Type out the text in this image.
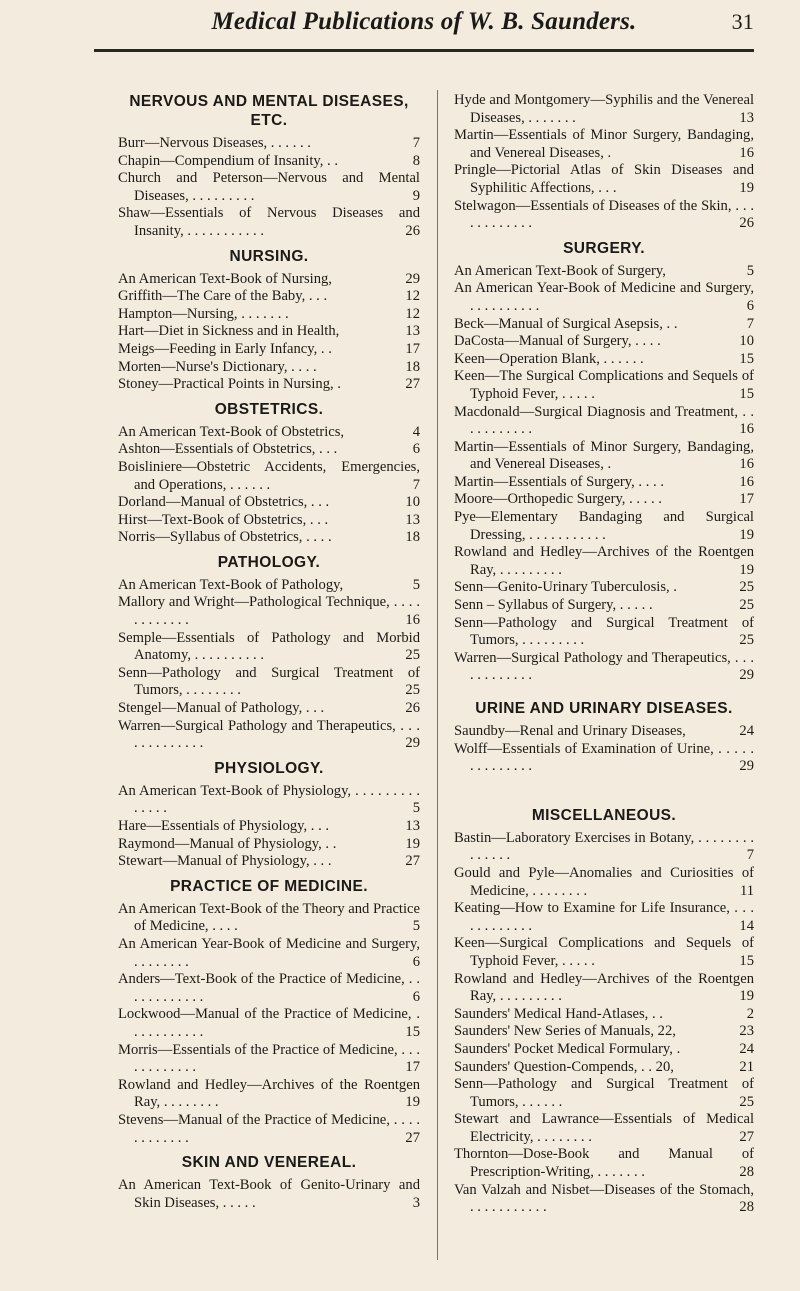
Medical Publications of W. B. Saunders.	31
NERVOUS AND MENTAL DISEASES, ETC.
Burr—Nervous Diseases, . . . . . .	7
Chapin—Compendium of Insanity, . .	8
Church and Peterson—Nervous and Mental Diseases, . . . . . . . . .	9
Shaw—Essentials of Nervous Diseases and Insanity, . . . . . . . . . . .	26
NURSING.
An American Text-Book of Nursing,	29
Griffith—The Care of the Baby, . . .	12
Hampton—Nursing, . . . . . . .	12
Hart—Diet in Sickness and in Health,	13
Meigs—Feeding in Early Infancy, . .	17
Morten—Nurse's Dictionary, . . . .	18
Stoney—Practical Points in Nursing, .	27
OBSTETRICS.
An American Text-Book of Obstetrics,	4
Ashton—Essentials of Obstetrics, . . .	6
Boisliniere—Obstetric Accidents, Emergencies, and Operations, . . . . . .	7
Dorland—Manual of Obstetrics, . . .	10
Hirst—Text-Book of Obstetrics, . . .	13
Norris—Syllabus of Obstetrics, . . . .	18
PATHOLOGY.
An American Text-Book of Pathology,	5
Mallory and Wright—Pathological Technique, . . . . . . . . . . . .	16
Semple—Essentials of Pathology and Morbid Anatomy, . . . . . . . . . .	25
Senn—Pathology and Surgical Treatment of Tumors, . . . . . . . .	25
Stengel—Manual of Pathology, . . .	26
Warren—Surgical Pathology and Therapeutics, . . . . . . . . . . . . .	29
PHYSIOLOGY.
An American Text-Book of Physiology, . . . . . . . . . . . . . .	5
Hare—Essentials of Physiology, . . .	13
Raymond—Manual of Physiology, . .	19
Stewart—Manual of Physiology, . . .	27
PRACTICE OF MEDICINE.
An American Text-Book of the Theory and Practice of Medicine, . . . .	5
An American Year-Book of Medicine and Surgery, . . . . . . . .	6
Anders—Text-Book of the Practice of Medicine, . . . . . . . . . . . .	6
Lockwood—Manual of the Practice of Medicine, . . . . . . . . . . .	15
Morris—Essentials of the Practice of Medicine, . . . . . . . . . . . .	17
Rowland and Hedley—Archives of the Roentgen Ray, . . . . . . . .	19
Stevens—Manual of the Practice of Medicine, . . . . . . . . . . . .	27
SKIN AND VENEREAL.
An American Text-Book of Genito-Urinary and Skin Diseases, . . . . .	3
Hyde and Montgomery—Syphilis and the Venereal Diseases, . . . . . . .	13
Martin—Essentials of Minor Surgery, Bandaging, and Venereal Diseases, .	16
Pringle—Pictorial Atlas of Skin Diseases and Syphilitic Affections, . . .	19
Stelwagon—Essentials of Diseases of the Skin, . . . . . . . . . . . .	26
SURGERY.
An American Text-Book of Surgery,	5
An American Year-Book of Medicine and Surgery, . . . . . . . . . .	6
Beck—Manual of Surgical Asepsis, . .	7
DaCosta—Manual of Surgery, . . . .	10
Keen—Operation Blank, . . . . . .	15
Keen—The Surgical Complications and Sequels of Typhoid Fever, . . . . .	15
Macdonald—Surgical Diagnosis and Treatment, . . . . . . . . . . .	16
Martin—Essentials of Minor Surgery, Bandaging, and Venereal Diseases, .	16
Martin—Essentials of Surgery, . . . .	16
Moore—Orthopedic Surgery, . . . . .	17
Pye—Elementary Bandaging and Surgical Dressing, . . . . . . . . . . .	19
Rowland and Hedley—Archives of the Roentgen Ray, . . . . . . . . .	19
Senn—Genito-Urinary Tuberculosis, .	25
Senn – Syllabus of Surgery, . . . . .	25
Senn—Pathology and Surgical Treatment of Tumors, . . . . . . . . .	25
Warren—Surgical Pathology and Therapeutics, . . . . . . . . . . . .	29
URINE AND URINARY DISEASES.
Saundby—Renal and Urinary Diseases,	24
Wolff—Essentials of Examination of Urine, . . . . . . . . . . . . . .	29
MISCELLANEOUS.
Bastin—Laboratory Exercises in Botany, . . . . . . . . . . . . . .	7
Gould and Pyle—Anomalies and Curiosities of Medicine, . . . . . . . .	11
Keating—How to Examine for Life Insurance, . . . . . . . . . . . .	14
Keen—Surgical Complications and Sequels of Typhoid Fever, . . . . .	15
Rowland and Hedley—Archives of the Roentgen Ray, . . . . . . . . .	19
Saunders' Medical Hand-Atlases, . .	2
Saunders' New Series of Manuals, 22,	23
Saunders' Pocket Medical Formulary, .	24
Saunders' Question-Compends, . . 20,	21
Senn—Pathology and Surgical Treatment of Tumors, . . . . . .	25
Stewart and Lawrance—Essentials of Medical Electricity, . . . . . . . .	27
Thornton—Dose-Book and Manual of Prescription-Writing, . . . . . . .	28
Van Valzah and Nisbet—Diseases of the Stomach, . . . . . . . . . . .	28
